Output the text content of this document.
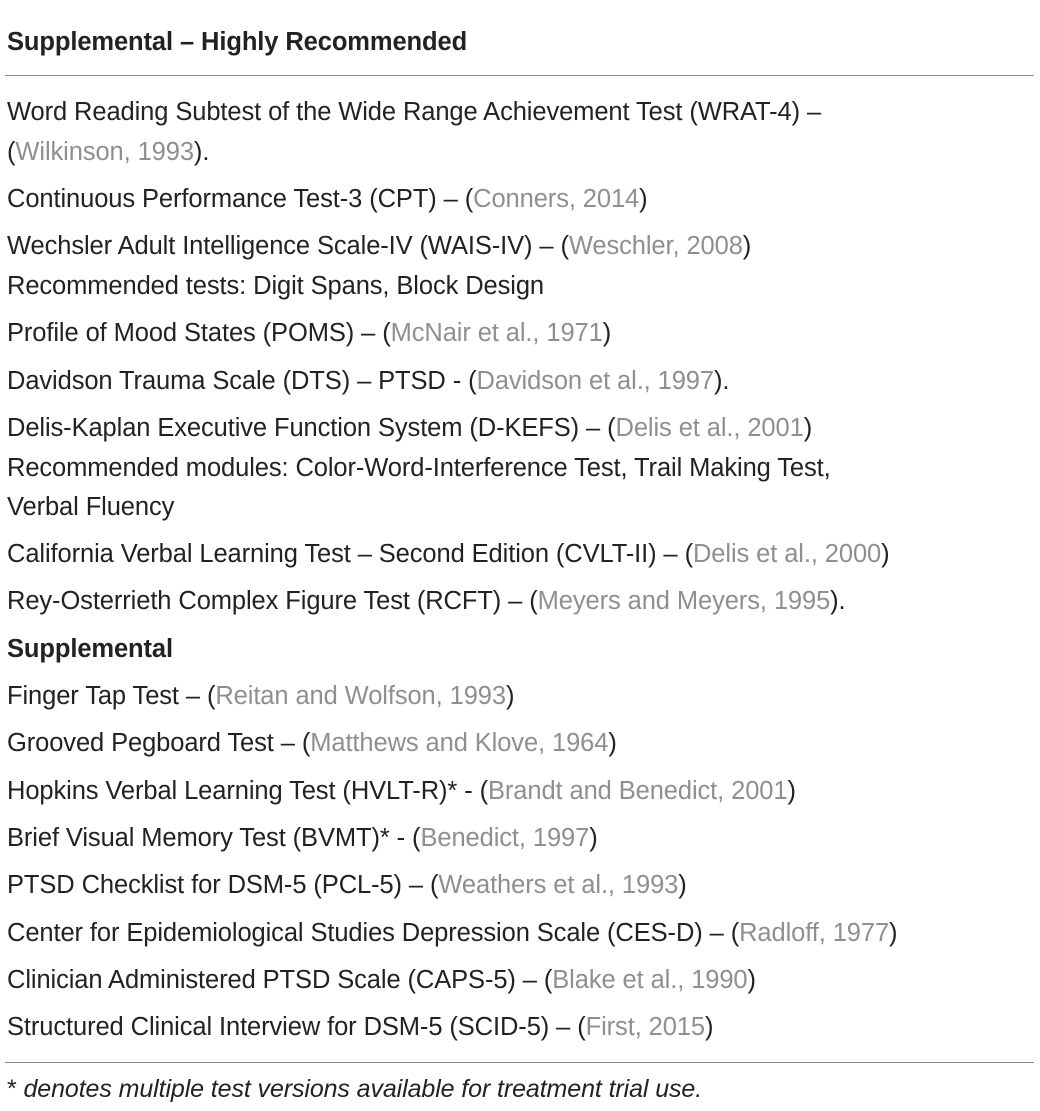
Supplemental – Highly Recommended
Word Reading Subtest of the Wide Range Achievement Test (WRAT-4) –
(Wilkinson, 1993).
Continuous Performance Test-3 (CPT) – (Conners, 2014)
Wechsler Adult Intelligence Scale-IV (WAIS-IV) – (Weschler, 2008)
Recommended tests: Digit Spans, Block Design
Profile of Mood States (POMS) – (McNair et al., 1971)
Davidson Trauma Scale (DTS) – PTSD - (Davidson et al., 1997).
Delis-Kaplan Executive Function System (D-KEFS) – (Delis et al., 2001)
Recommended modules: Color-Word-Interference Test, Trail Making Test,
Verbal Fluency
California Verbal Learning Test – Second Edition (CVLT-II) – (Delis et al., 2000)
Rey-Osterrieth Complex Figure Test (RCFT) – (Meyers and Meyers, 1995).
Supplemental
Finger Tap Test – (Reitan and Wolfson, 1993)
Grooved Pegboard Test – (Matthews and Klove, 1964)
Hopkins Verbal Learning Test (HVLT-R)* - (Brandt and Benedict, 2001)
Brief Visual Memory Test (BVMT)* - (Benedict, 1997)
PTSD Checklist for DSM-5 (PCL-5) – (Weathers et al., 1993)
Center for Epidemiological Studies Depression Scale (CES-D) – (Radloff, 1977)
Clinician Administered PTSD Scale (CAPS-5) – (Blake et al., 1990)
Structured Clinical Interview for DSM-5 (SCID-5) – (First, 2015)
* denotes multiple test versions available for treatment trial use.
